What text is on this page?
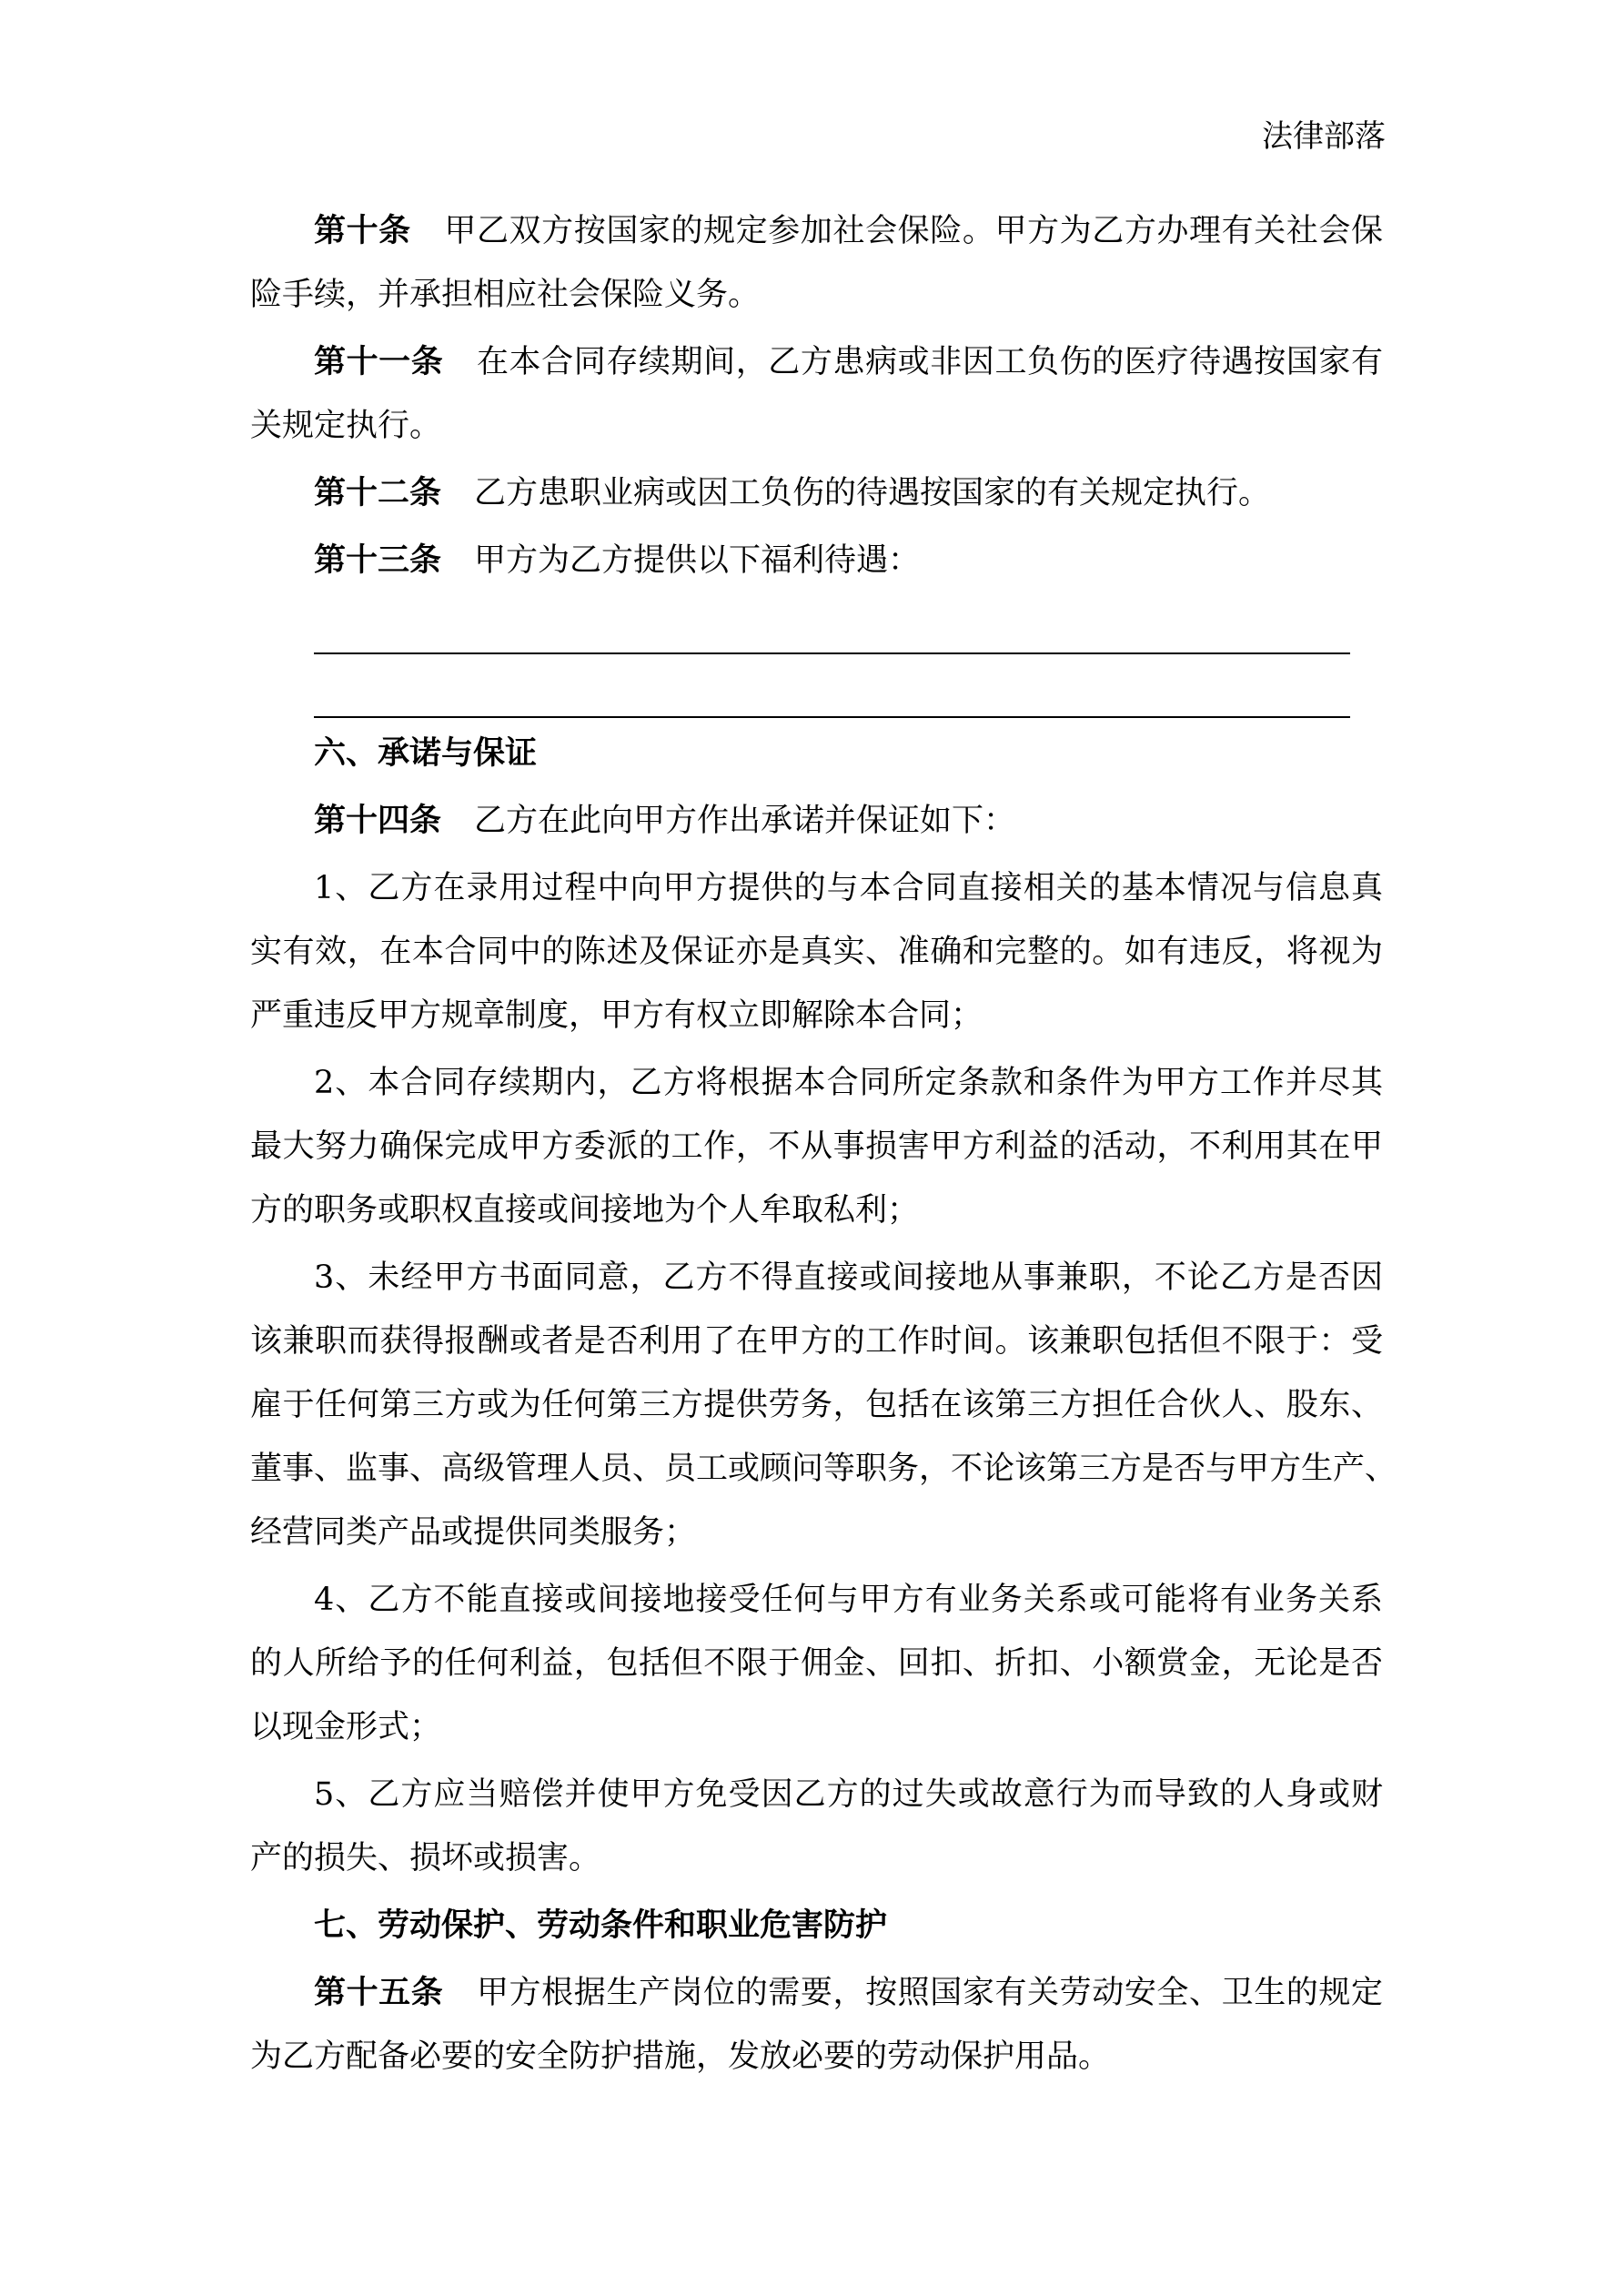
法律部落
第十条 甲乙双方按国家的规定参加社会保险。甲方为乙方办理有关社会保
险手续，并承担相应社会保险义务。
第十一条 在本合同存续期间，乙方患病或非因工负伤的医疗待遇按国家有
关规定执行。
第十二条 乙方患职业病或因工负伤的待遇按国家的有关规定执行。
第十三条 甲方为乙方提供以下福利待遇：
六、承诺与保证
第十四条 乙方在此向甲方作出承诺并保证如下：
1、乙方在录用过程中向甲方提供的与本合同直接相关的基本情况与信息真
实有效，在本合同中的陈述及保证亦是真实、准确和完整的。如有违反，将视为
严重违反甲方规章制度，甲方有权立即解除本合同；
2、本合同存续期内，乙方将根据本合同所定条款和条件为甲方工作并尽其
最大努力确保完成甲方委派的工作，不从事损害甲方利益的活动，不利用其在甲
方的职务或职权直接或间接地为个人牟取私利；
3、未经甲方书面同意，乙方不得直接或间接地从事兼职，不论乙方是否因
该兼职而获得报酬或者是否利用了在甲方的工作时间。该兼职包括但不限于：受
雇于任何第三方或为任何第三方提供劳务，包括在该第三方担任合伙人、股东、
董事、监事、高级管理人员、员工或顾问等职务，不论该第三方是否与甲方生产、
经营同类产品或提供同类服务；
4、乙方不能直接或间接地接受任何与甲方有业务关系或可能将有业务关系
的人所给予的任何利益，包括但不限于佣金、回扣、折扣、小额赏金，无论是否
以现金形式；
5、乙方应当赔偿并使甲方免受因乙方的过失或故意行为而导致的人身或财
产的损失、损坏或损害。
七、劳动保护、劳动条件和职业危害防护
第十五条 甲方根据生产岗位的需要，按照国家有关劳动安全、卫生的规定
为乙方配备必要的安全防护措施，发放必要的劳动保护用品。
